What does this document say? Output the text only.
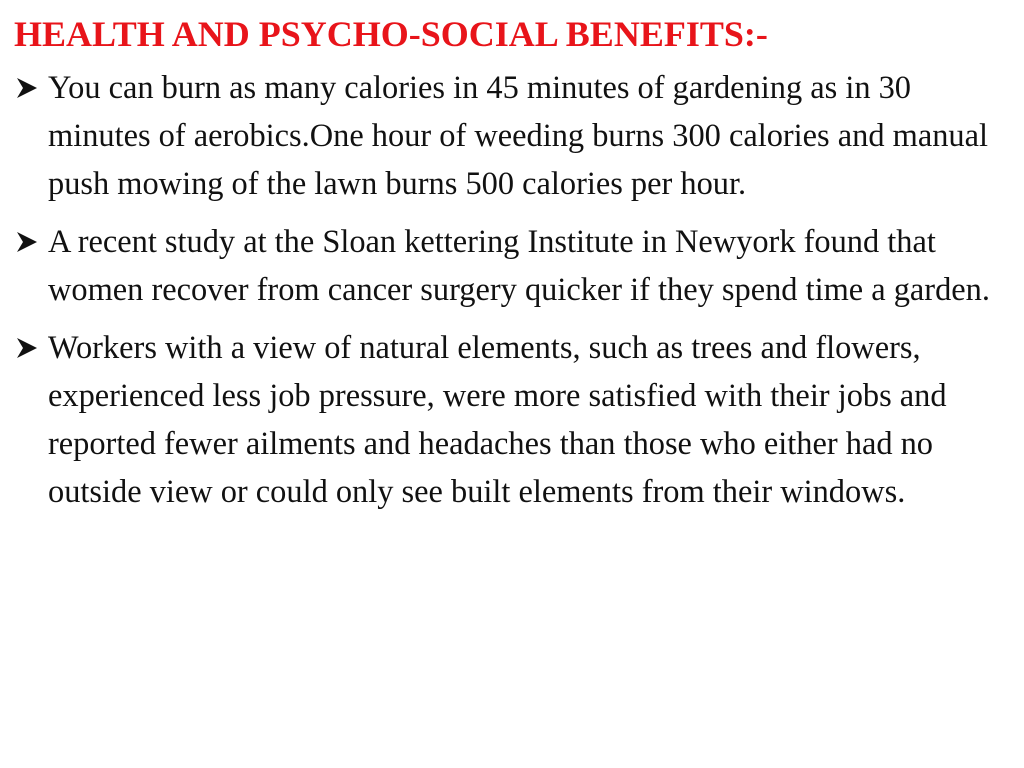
HEALTH AND PSYCHO-SOCIAL BENEFITS:-
You can burn as many calories in 45 minutes of gardening as in 30 minutes of aerobics.One hour of weeding burns 300 calories and manual push mowing of the lawn burns 500 calories per hour.
A recent study at the Sloan kettering Institute in Newyork found that women recover from cancer surgery quicker if they spend time a garden.
Workers with a view of natural elements, such as trees and flowers, experienced less job pressure, were more satisfied with their jobs and reported fewer ailments and headaches than those who either had no outside view or could only see built elements from their windows.
